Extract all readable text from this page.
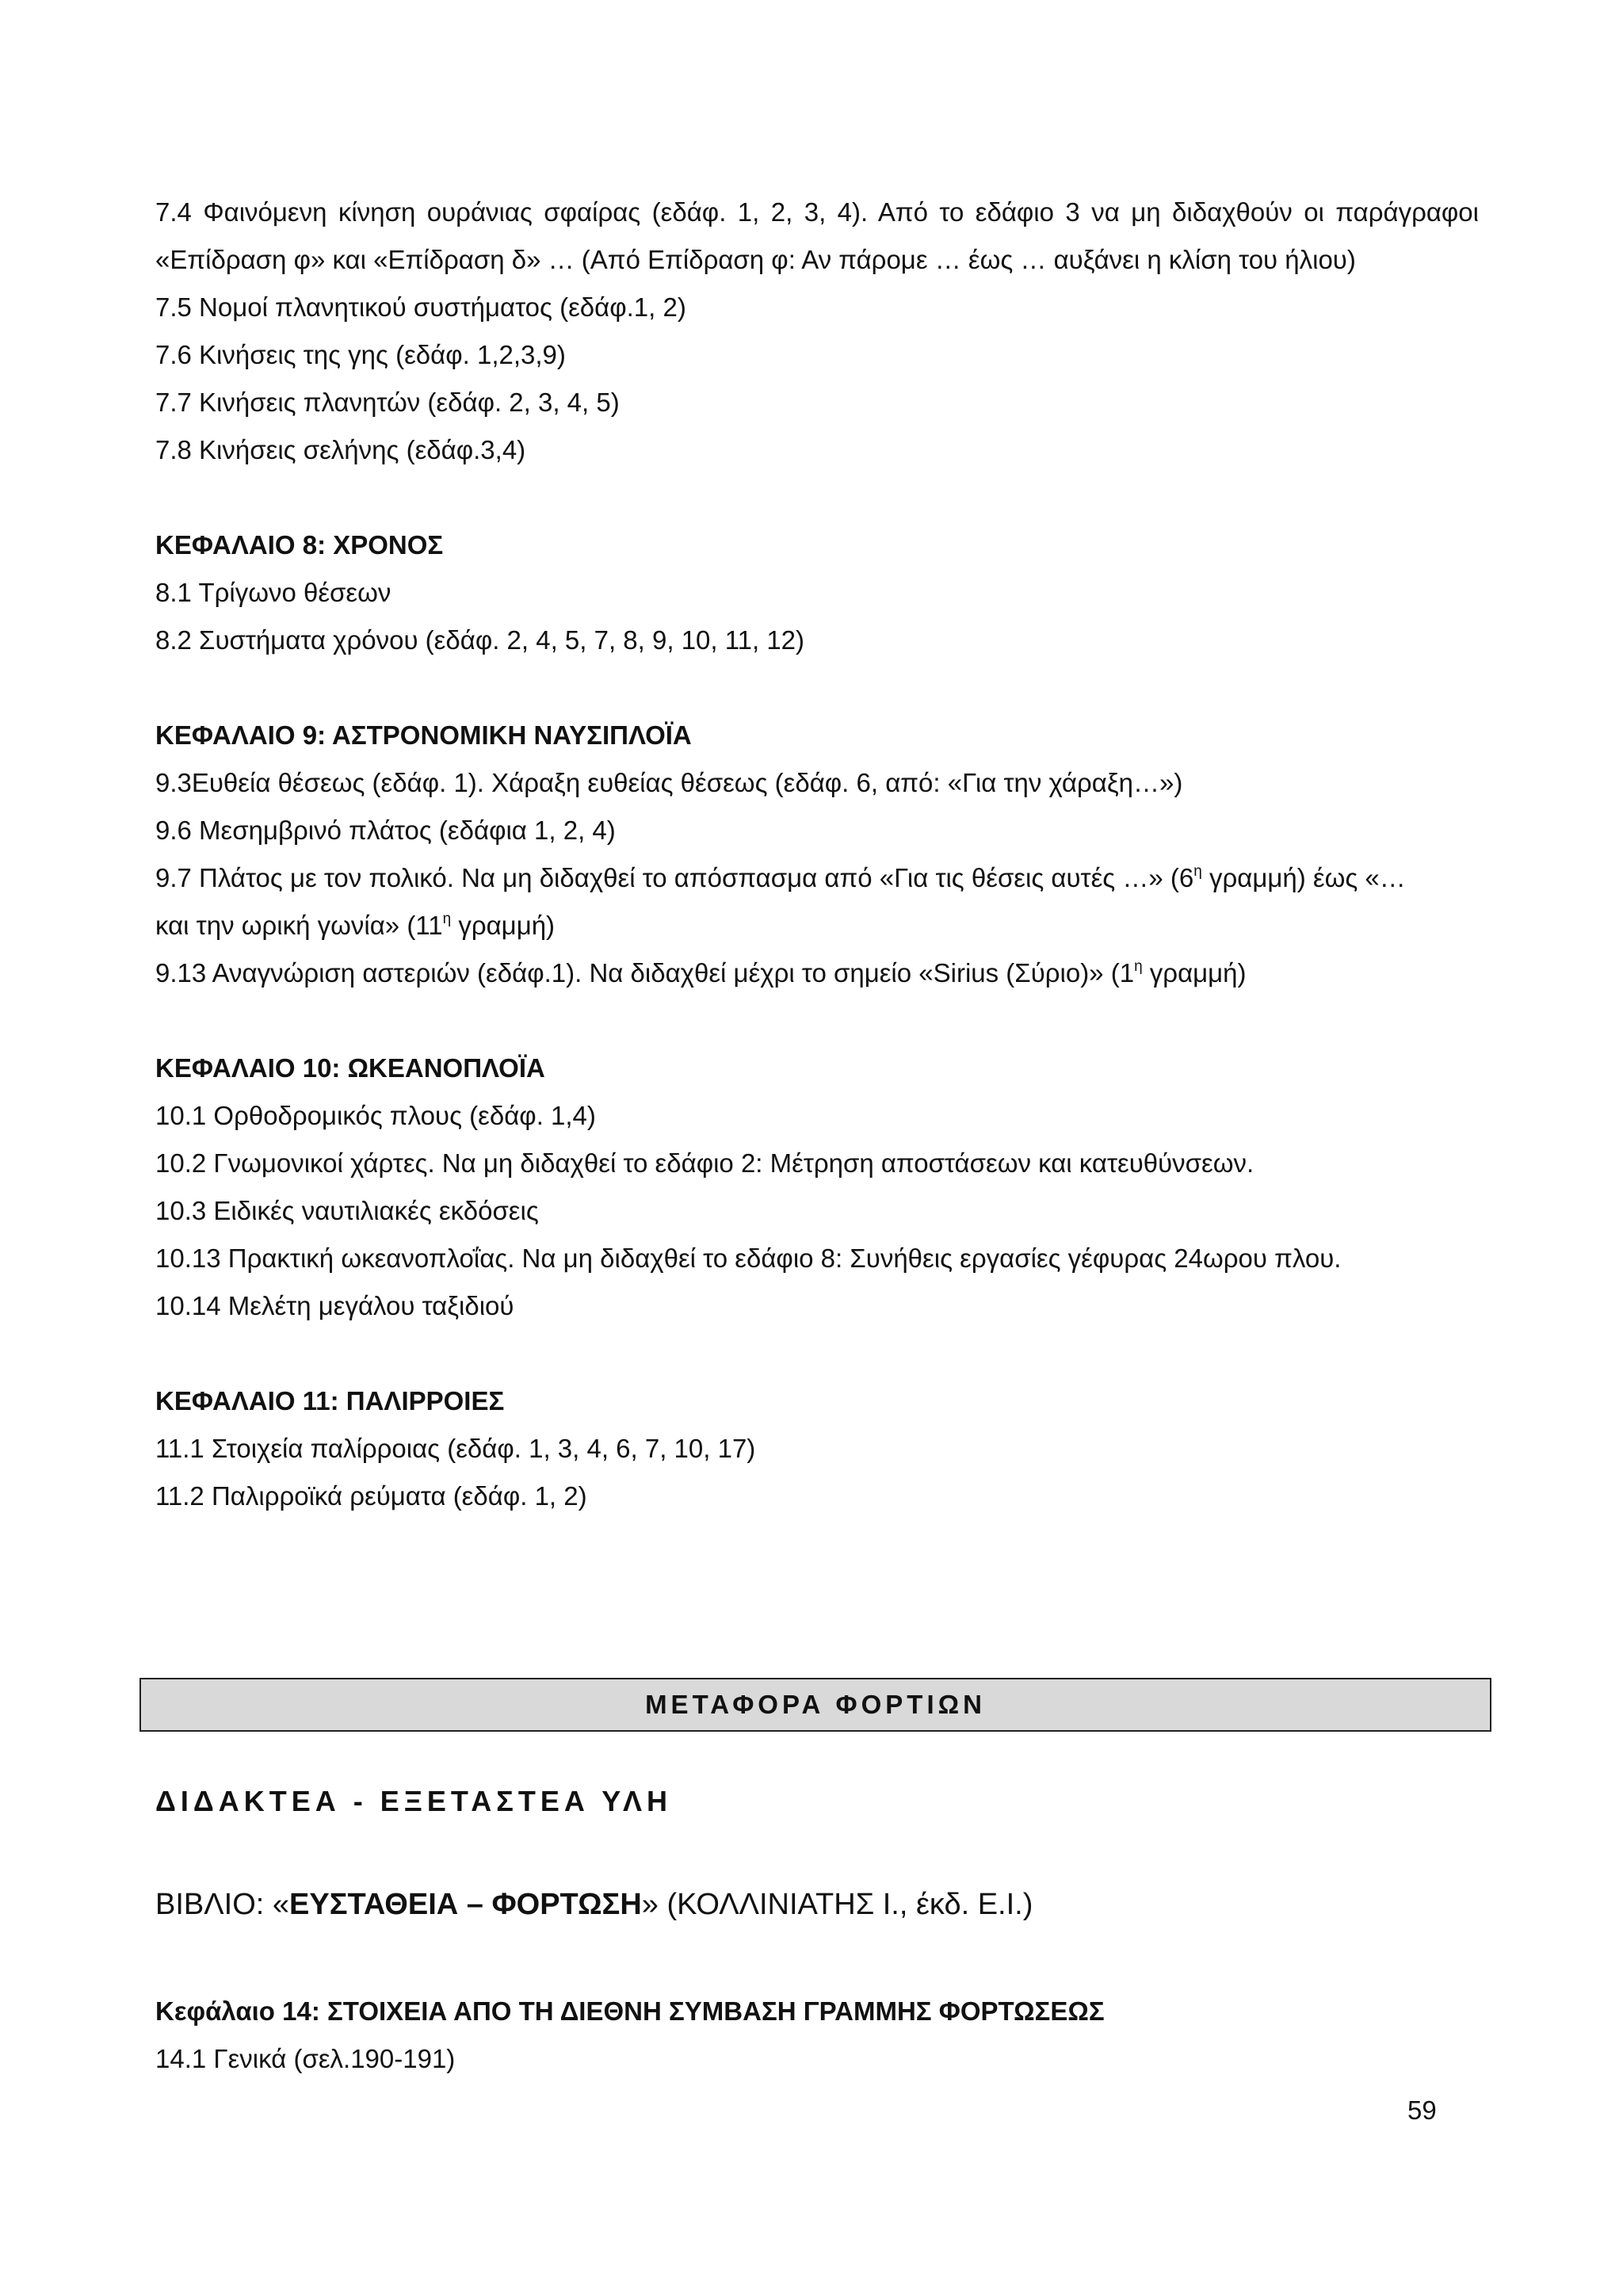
7.4 Φαινόμενη κίνηση ουράνιας σφαίρας (εδάφ. 1, 2, 3, 4). Από το εδάφιο 3 να μη διδαχθούν οι παράγραφοι «Επίδραση φ» και «Επίδραση δ» … (Από Επίδραση φ: Αν πάρομε … έως … αυξάνει η κλίση του ήλιου)

7.5 Νομοί πλανητικού συστήματος (εδάφ.1, 2)

7.6 Κινήσεις της γης (εδάφ. 1,2,3,9)

7.7 Κινήσεις πλανητών (εδάφ. 2, 3, 4, 5)

7.8 Κινήσεις σελήνης (εδάφ.3,4)

ΚΕΦΑΛΑΙΟ 8: ΧΡΟΝΟΣ

8.1 Τρίγωνο θέσεων

8.2 Συστήματα χρόνου (εδάφ. 2, 4, 5, 7, 8, 9, 10, 11, 12)

ΚΕΦΑΛΑΙΟ 9: ΑΣΤΡΟΝΟΜΙΚΗ ΝΑΥΣΙΠΛΟΪΑ

9.3Ευθεία θέσεως (εδάφ. 1). Χάραξη ευθείας θέσεως (εδάφ. 6, από: «Για την χάραξη…»)

9.6 Μεσημβρινό πλάτος (εδάφια 1, 2, 4)

9.7 Πλάτος με τον πολικό. Να μη διδαχθεί το απόσπασμα από «Για τις θέσεις αυτές …» ($6^\eta$ γραμμή) έως «…

και την ωρική γωνία» ($11^\eta$ γραμμή)

9.13 Αναγνώριση αστεριών (εδάφ.1). Να διδαχθεί μέχρι το σημείο «Sirius (Σύριο)» ($1^\eta$ γραμμή)

ΚΕΦΑΛΑΙΟ 10: ΩΚΕΑΝΟΠΛΟΪΑ

10.1 Ορθοδρομικός πλους (εδάφ. 1,4)

10.2 Γνωμονικοί χάρτες. Να μη διδαχθεί το εδάφιο 2: Μέτρηση αποστάσεων και κατευθύνσεων.

10.3 Ειδικές ναυτιλιακές εκδόσεις

10.13 Πρακτική ωκεανοπλοΐας. Να μη διδαχθεί το εδάφιο 8: Συνήθεις εργασίες γέφυρας 24ωρου πλου.

10.14 Μελέτη μεγάλου ταξιδιού

ΚΕΦΑΛΑΙΟ 11: ΠΑΛΙΡΡΟΙΕΣ

11.1 Στοιχεία παλίρροιας (εδάφ. 1, 3, 4, 6, 7, 10, 17)

11.2 Παλιρροϊκά ρεύματα (εδάφ. 1, 2)

ΜΕΤΑΦΟΡΑ ΦΟΡΤΙΩΝ
ΔΙΔΑΚΤΕΑ - ΕΞΕΤΑΣΤΕΑ ΥΛΗ
ΒΙΒΛΙΟ: «ΕΥΣΤΑΘΕΙΑ – ΦΟΡΤΩΣΗ» (ΚΟΛΛΙΝΙΑΤΗΣ Ι., έκδ. Ε.Ι.)

Κεφάλαιο 14: ΣΤΟΙΧΕΙΑ ΑΠΟ ΤΗ ΔΙΕΘΝΗ ΣΥΜΒΑΣΗ ΓΡΑΜΜΗΣ ΦΟΡΤΩΣΕΩΣ

14.1 Γενικά (σελ.190-191)

59
